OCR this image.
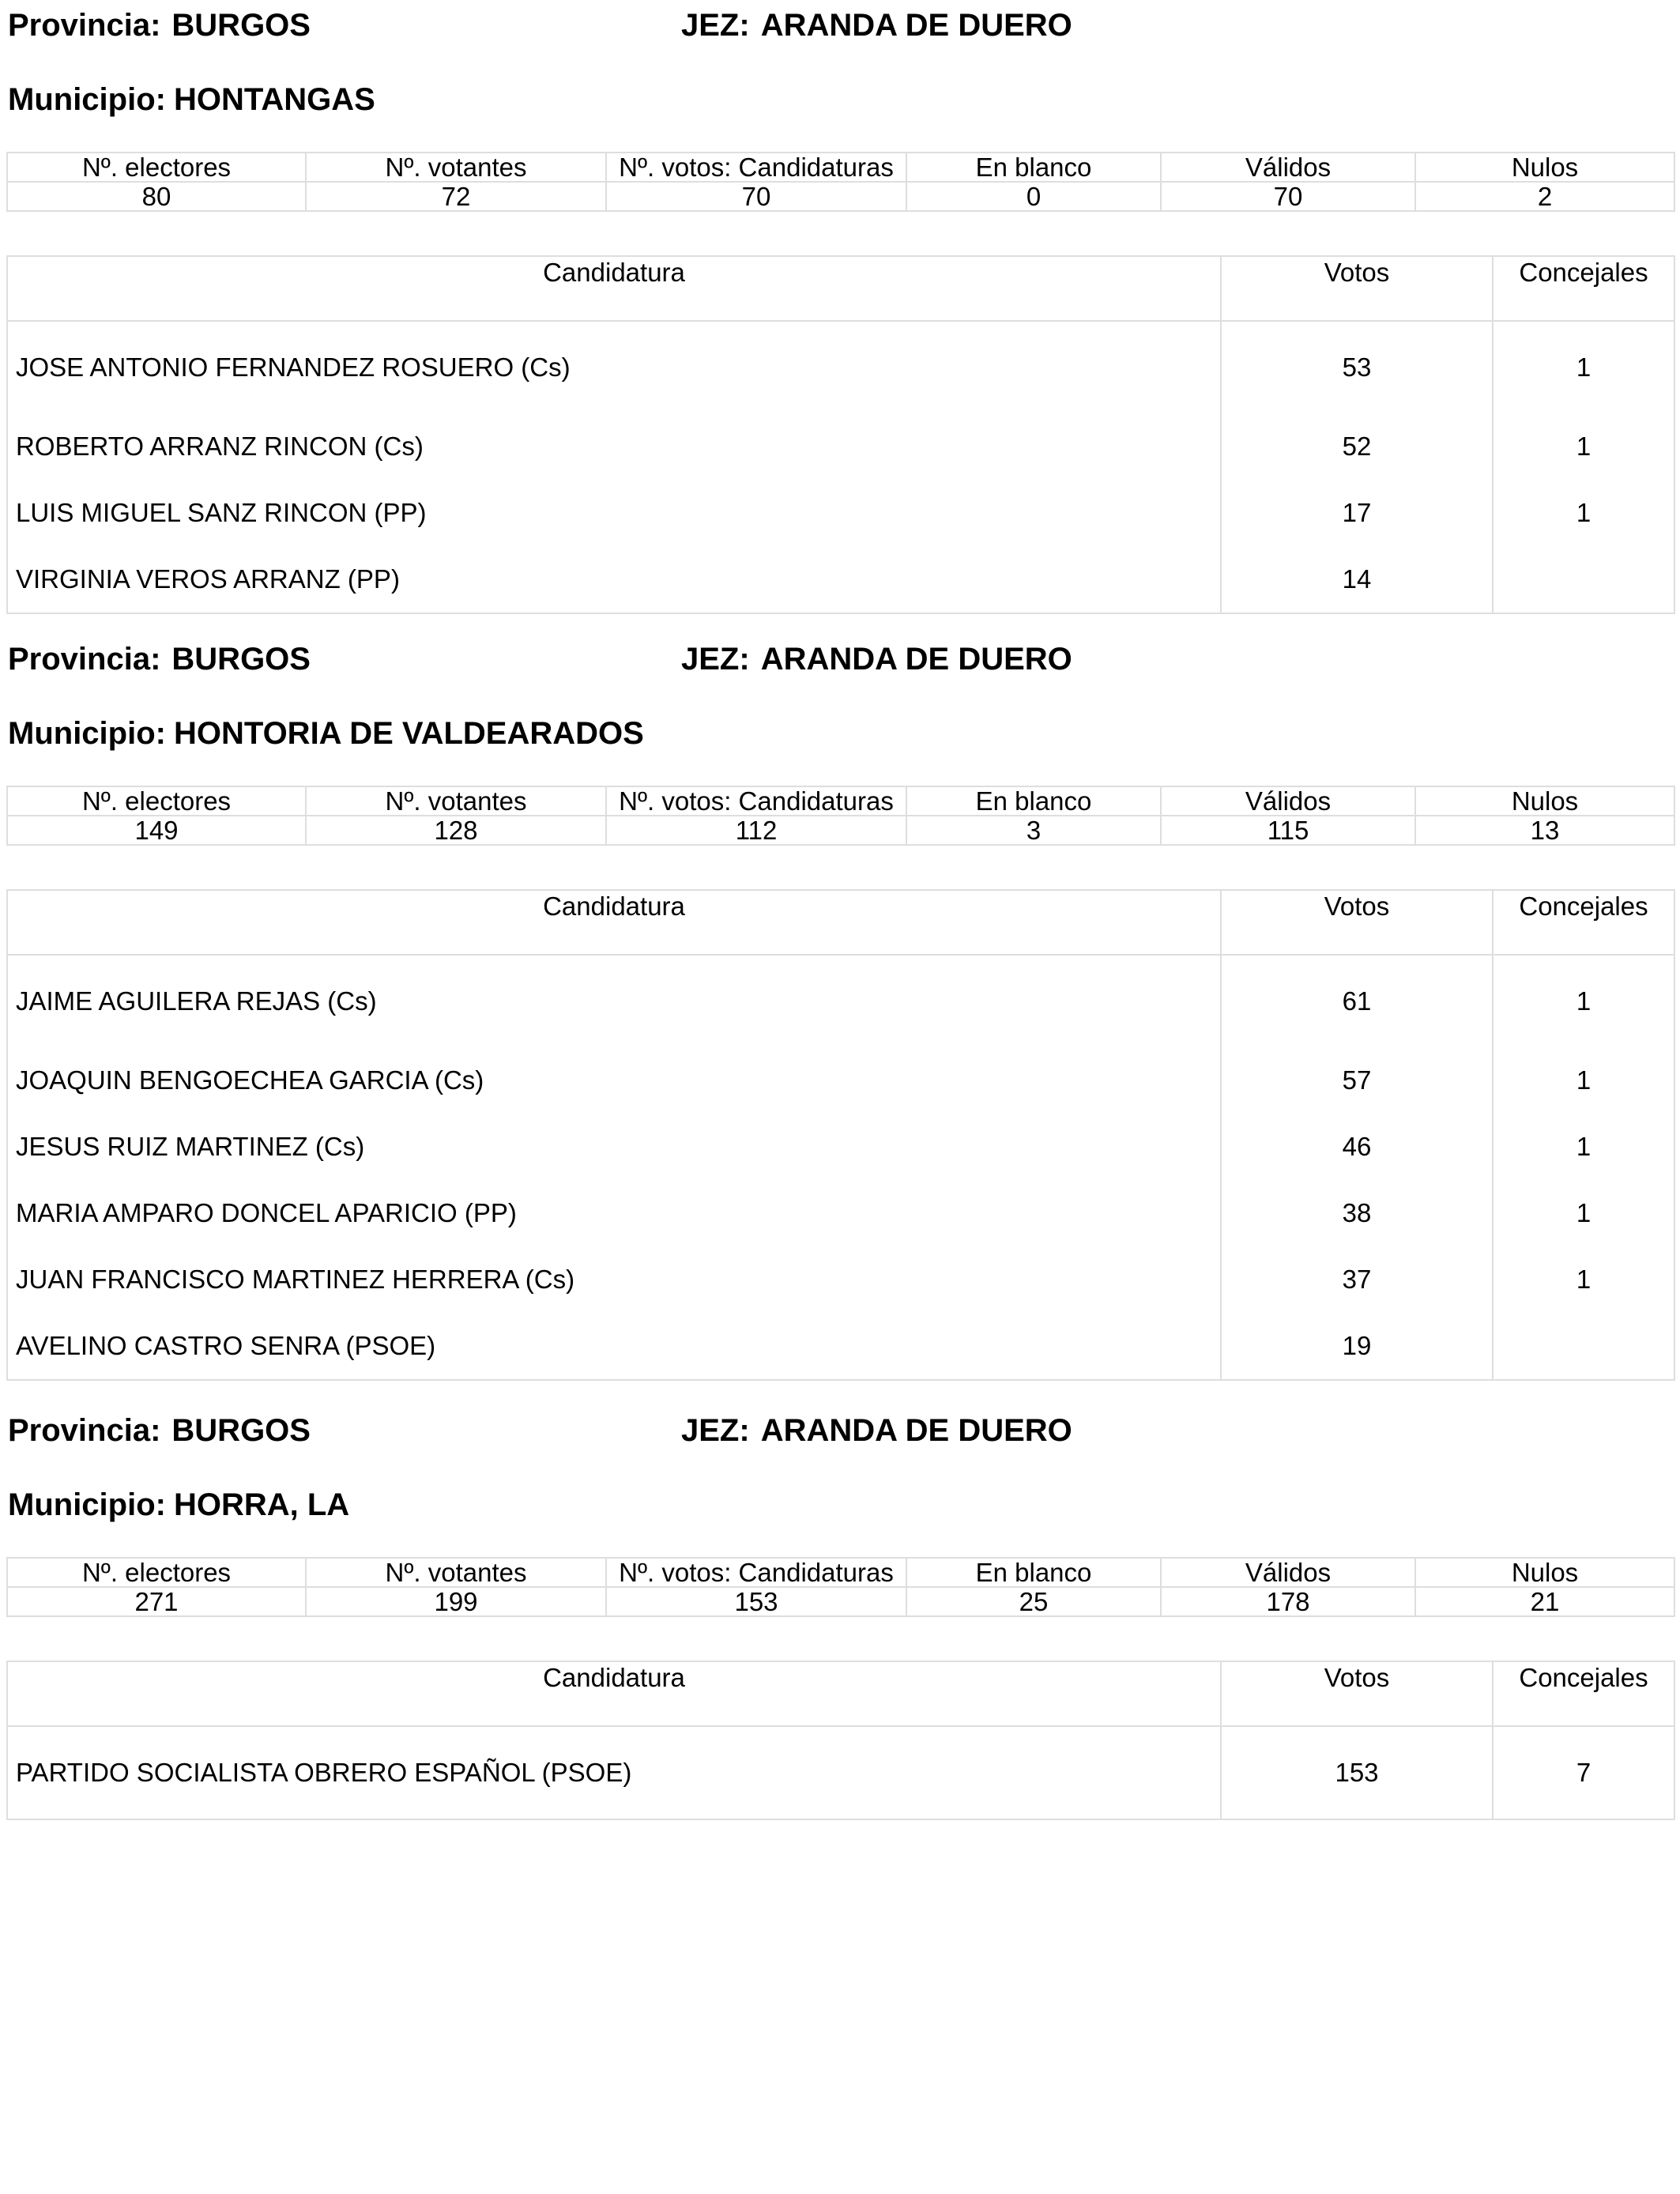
Provincia: BURGOS	JEZ: ARANDA DE DUERO
Municipio: HONTANGAS
Nº. electores	Nº. votantes	Nº. votos: Candidaturas	En blanco	Válidos	Nulos
80	72	70	0	70	2
Candidatura	Votos	Concejales
JOSE ANTONIO FERNANDEZ ROSUERO (Cs)	53	1
ROBERTO ARRANZ RINCON (Cs)	52	1
LUIS MIGUEL SANZ RINCON (PP)	17	1
VIRGINIA VEROS ARRANZ (PP)	14	
Provincia: BURGOS	JEZ: ARANDA DE DUERO
Municipio: HONTORIA DE VALDEARADOS
Nº. electores	Nº. votantes	Nº. votos: Candidaturas	En blanco	Válidos	Nulos
149	128	112	3	115	13
Candidatura	Votos	Concejales
JAIME AGUILERA REJAS (Cs)	61	1
JOAQUIN BENGOECHEA GARCIA (Cs)	57	1
JESUS RUIZ MARTINEZ (Cs)	46	1
MARIA AMPARO DONCEL APARICIO (PP)	38	1
JUAN FRANCISCO MARTINEZ HERRERA (Cs)	37	1
AVELINO CASTRO SENRA (PSOE)	19	
Provincia: BURGOS	JEZ: ARANDA DE DUERO
Municipio: HORRA, LA
Nº. electores	Nº. votantes	Nº. votos: Candidaturas	En blanco	Válidos	Nulos
271	199	153	25	178	21
Candidatura	Votos	Concejales
PARTIDO SOCIALISTA OBRERO ESPAÑOL (PSOE)	153	7
